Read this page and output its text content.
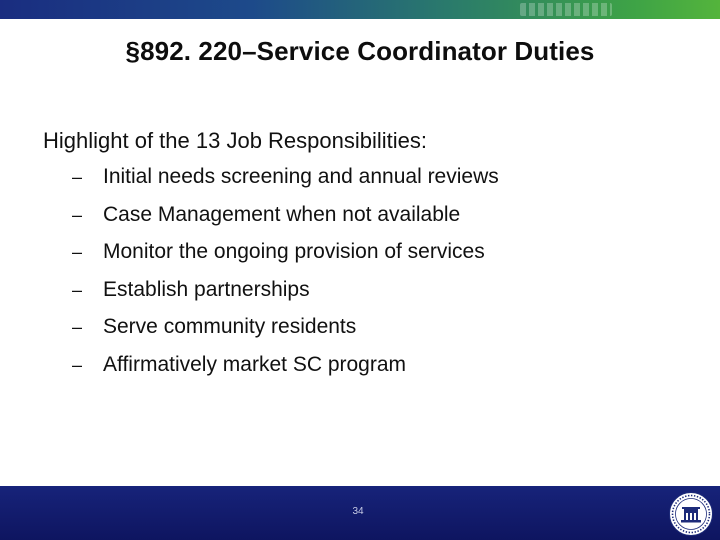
§892. 220–Service Coordinator Duties
Highlight of the 13 Job Responsibilities:
– Initial needs screening and annual reviews
– Case Management when not available
– Monitor the ongoing provision of services
– Establish partnerships
– Serve community residents
– Affirmatively market SC program
34
